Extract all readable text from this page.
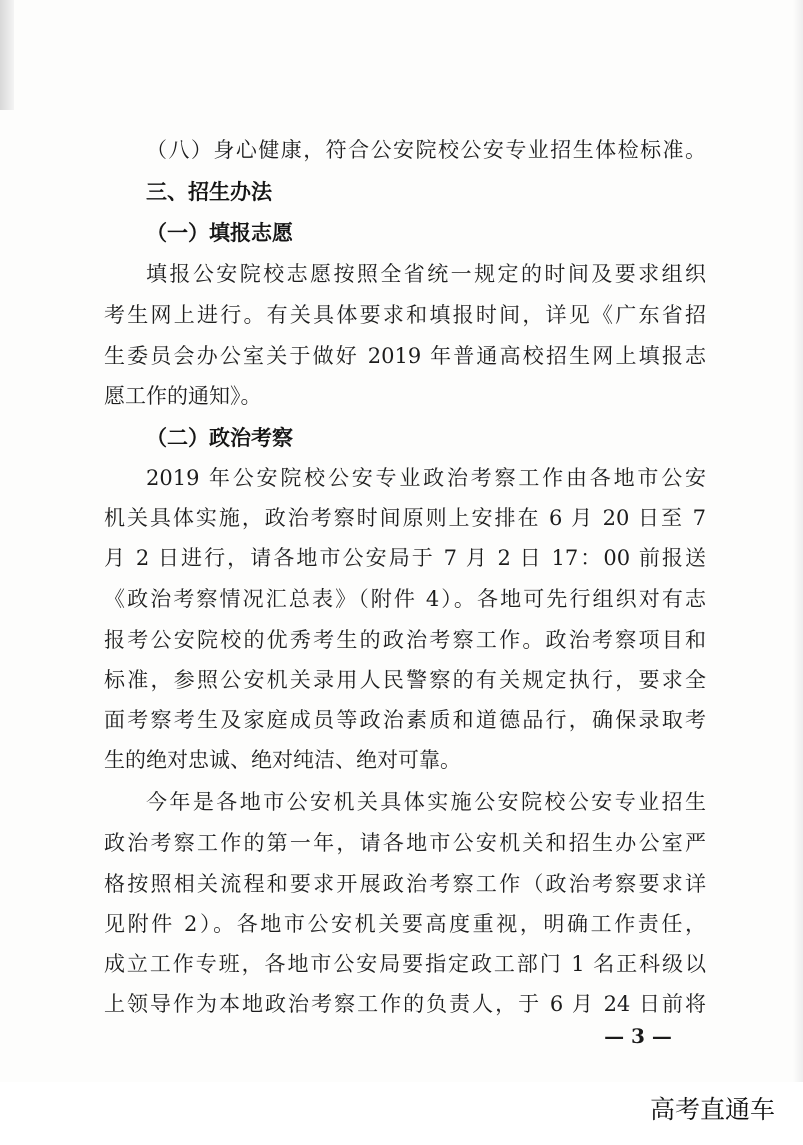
（八）身心健康，符合公安院校公安专业招生体检标准。
三、招生办法
（一）填报志愿
填报公安院校志愿按照全省统一规定的时间及要求组织
考生网上进行。有关具体要求和填报时间，详见《广东省招
生委员会办公室关于做好 2019 年普通高校招生网上填报志
愿工作的通知》。
（二）政治考察
2019 年公安院校公安专业政治考察工作由各地市公安
机关具体实施，政治考察时间原则上安排在 6 月 20 日至 7
月 2 日进行，请各地市公安局于 7 月 2 日 17：00 前报送
《政治考察情况汇总表》（附件 4）。各地可先行组织对有志
报考公安院校的优秀考生的政治考察工作。政治考察项目和
标准，参照公安机关录用人民警察的有关规定执行，要求全
面考察考生及家庭成员等政治素质和道德品行，确保录取考
生的绝对忠诚、绝对纯洁、绝对可靠。
今年是各地市公安机关具体实施公安院校公安专业招生
政治考察工作的第一年，请各地市公安机关和招生办公室严
格按照相关流程和要求开展政治考察工作（政治考察要求详
见附件 2）。各地市公安机关要高度重视，明确工作责任，
成立工作专班，各地市公安局要指定政工部门 1 名正科级以
上领导作为本地政治考察工作的负责人，于 6 月 24 日前将
— 3 —
高考直通车
